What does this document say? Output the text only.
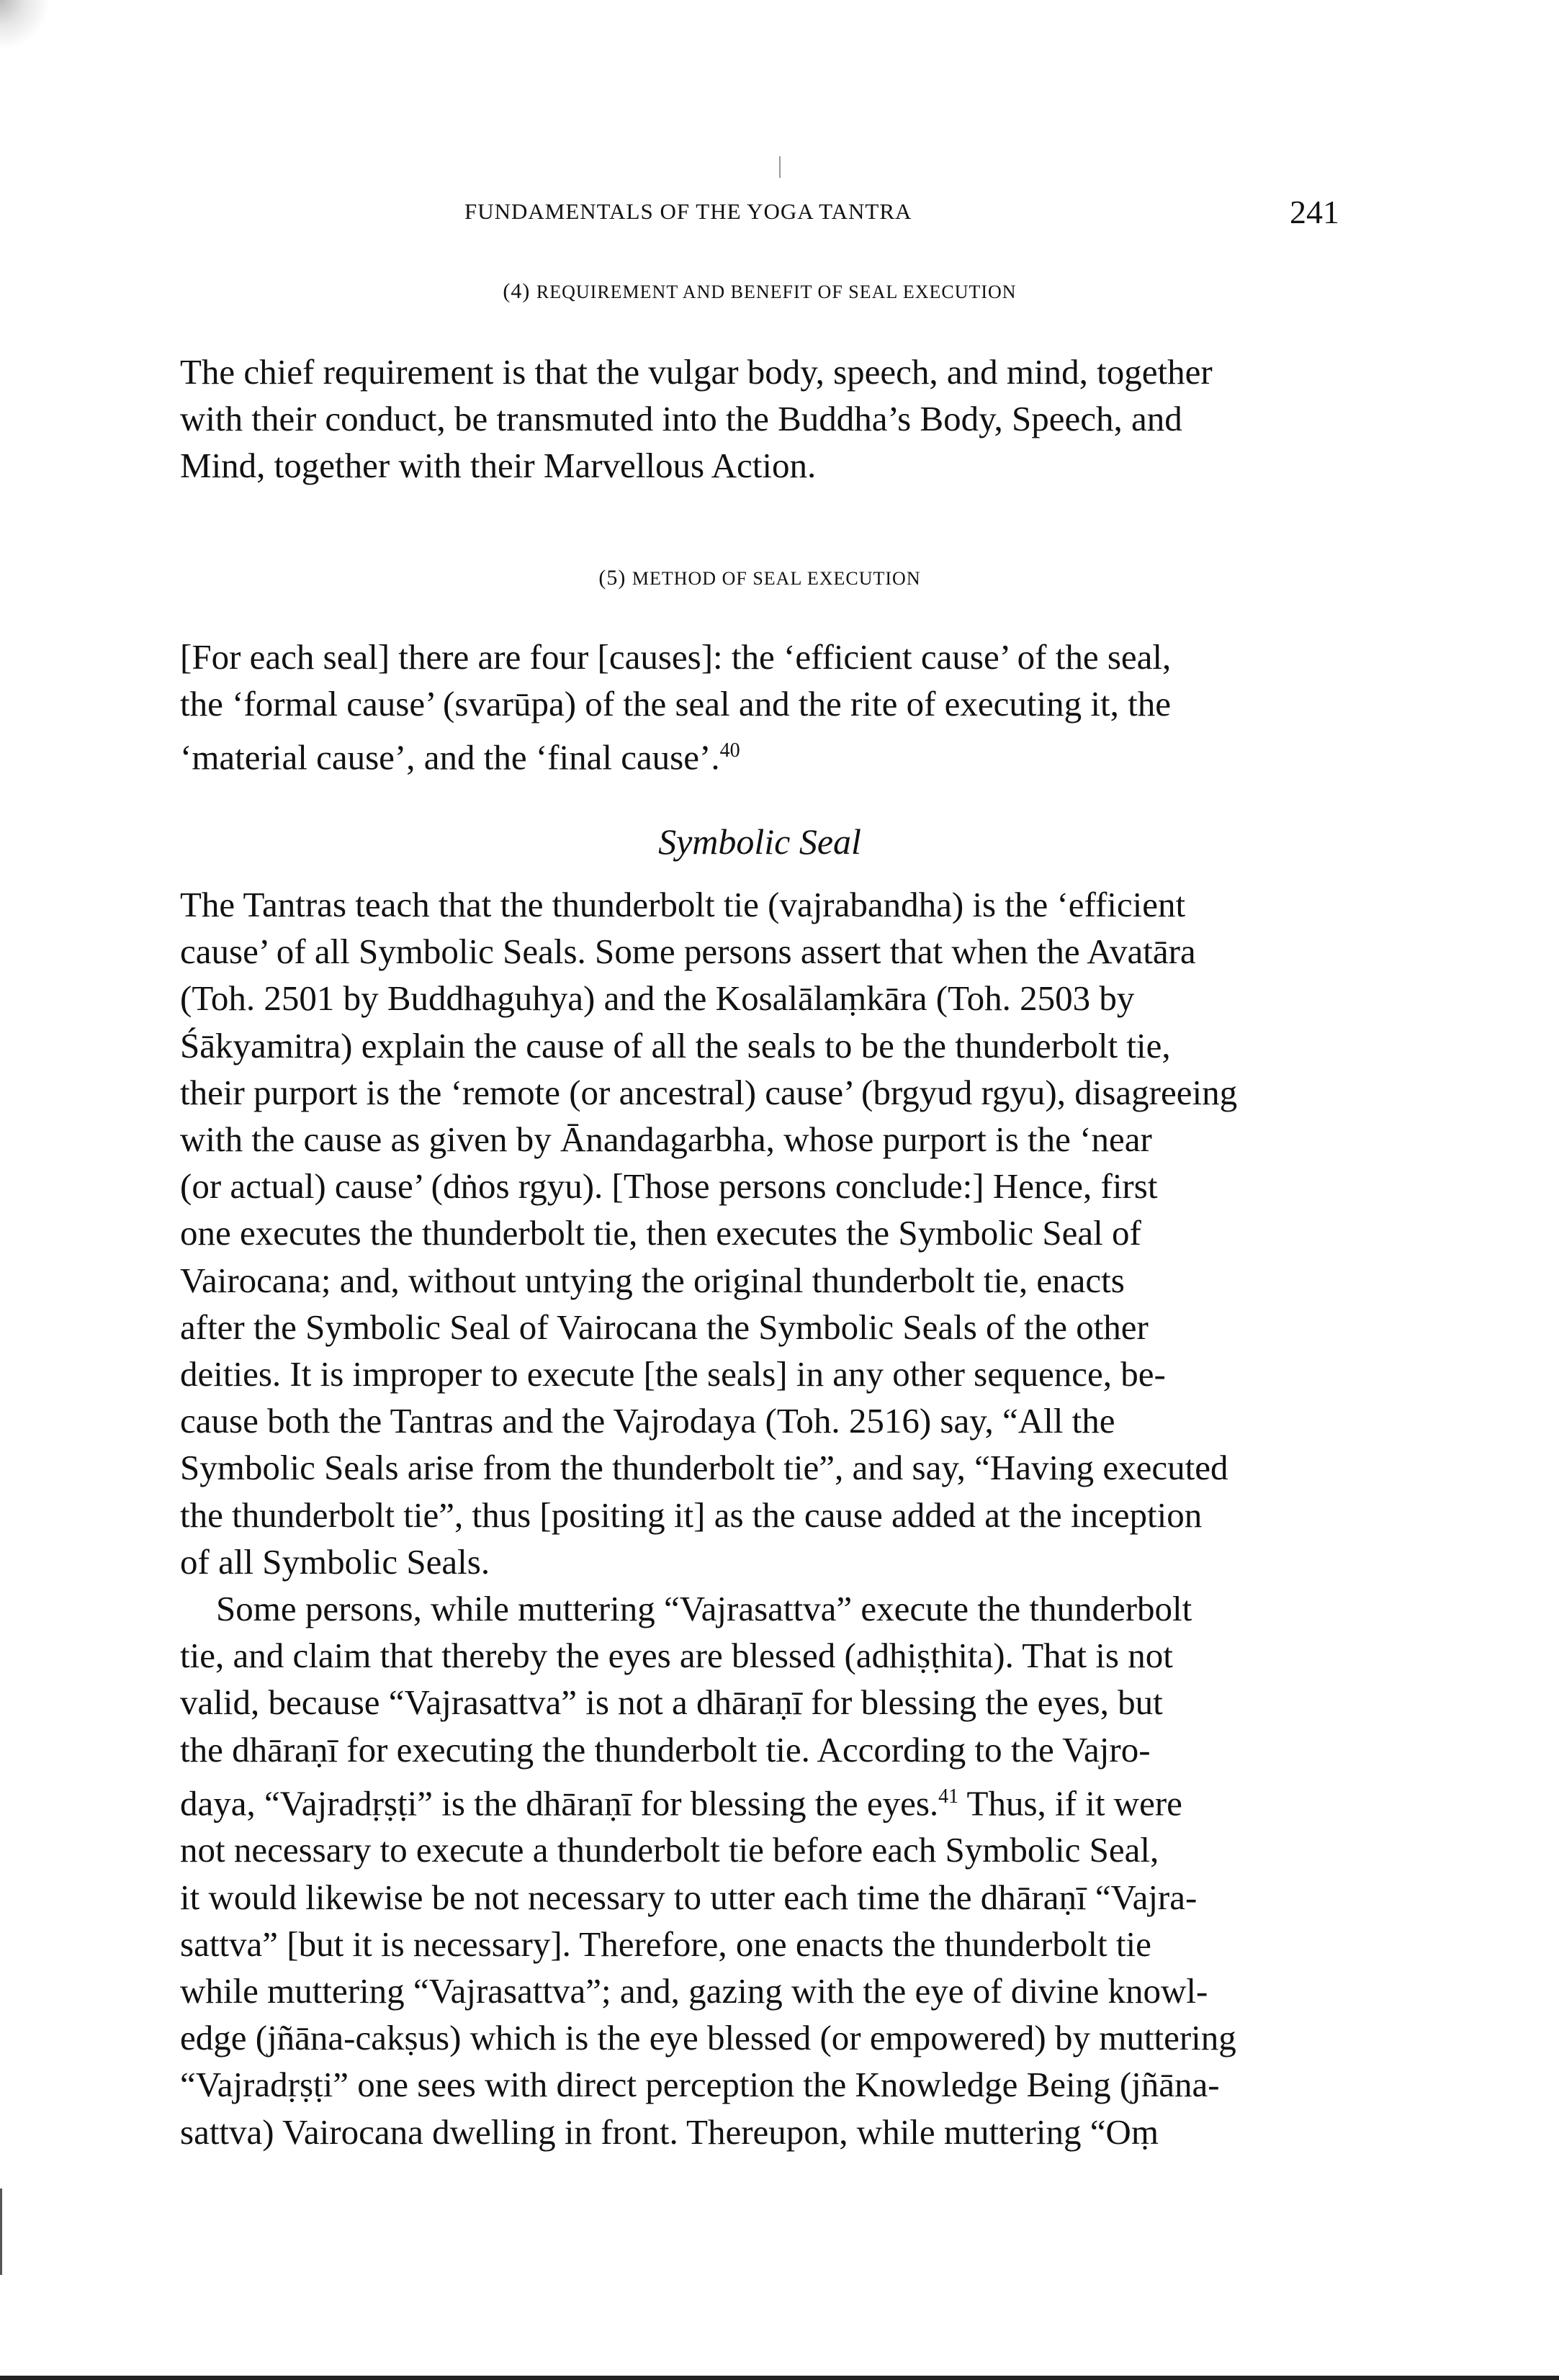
FUNDAMENTALS OF THE YOGA TANTRA	241
(4) REQUIREMENT AND BENEFIT OF SEAL EXECUTION

The chief requirement is that the vulgar body, speech, and mind, together
with their conduct, be transmuted into the Buddha’s Body, Speech, and
Mind, together with their Marvellous Action.

(5) METHOD OF SEAL EXECUTION

[For each seal] there are four [causes]: the ‘efficient cause’ of the seal,
the ‘formal cause’ (svarūpa) of the seal and the rite of executing it, the
‘material cause’, and the ‘final cause’.$^{40}$

Symbolic Seal

The Tantras teach that the thunderbolt tie (vajrabandha) is the ‘efficient
cause’ of all Symbolic Seals. Some persons assert that when the Avatāra
(Toh. 2501 by Buddhaguhya) and the Kosalālaṃkāra (Toh. 2503 by
Śākyamitra) explain the cause of all the seals to be the thunderbolt tie,
their purport is the ‘remote (or ancestral) cause’ (brgyud rgyu), disagreeing
with the cause as given by Ānandagarbha, whose purport is the ‘near
(or actual) cause’ (dṅos rgyu). [Those persons conclude:] Hence, first
one executes the thunderbolt tie, then executes the Symbolic Seal of
Vairocana; and, without untying the original thunderbolt tie, enacts
after the Symbolic Seal of Vairocana the Symbolic Seals of the other
deities. It is improper to execute [the seals] in any other sequence, be-
cause both the Tantras and the Vajrodaya (Toh. 2516) say, “All the
Symbolic Seals arise from the thunderbolt tie”, and say, “Having executed
the thunderbolt tie”, thus [positing it] as the cause added at the inception
of all Symbolic Seals.

Some persons, while muttering “Vajrasattva” execute the thunderbolt
tie, and claim that thereby the eyes are blessed (adhiṣṭhita). That is not
valid, because “Vajrasattva” is not a dhāraṇī for blessing the eyes, but
the dhāraṇī for executing the thunderbolt tie. According to the Vajro-
daya, “Vajradṛṣṭi” is the dhāraṇī for blessing the eyes.$^{41}$ Thus, if it were
not necessary to execute a thunderbolt tie before each Symbolic Seal,
it would likewise be not necessary to utter each time the dhāraṇī “Vajra-
sattva” [but it is necessary]. Therefore, one enacts the thunderbolt tie
while muttering “Vajrasattva”; and, gazing with the eye of divine knowl-
edge (jñāna-cakṣus) which is the eye blessed (or empowered) by muttering
“Vajradṛṣṭi” one sees with direct perception the Knowledge Being (jñāna-
sattva) Vairocana dwelling in front. Thereupon, while muttering “Oṃ
